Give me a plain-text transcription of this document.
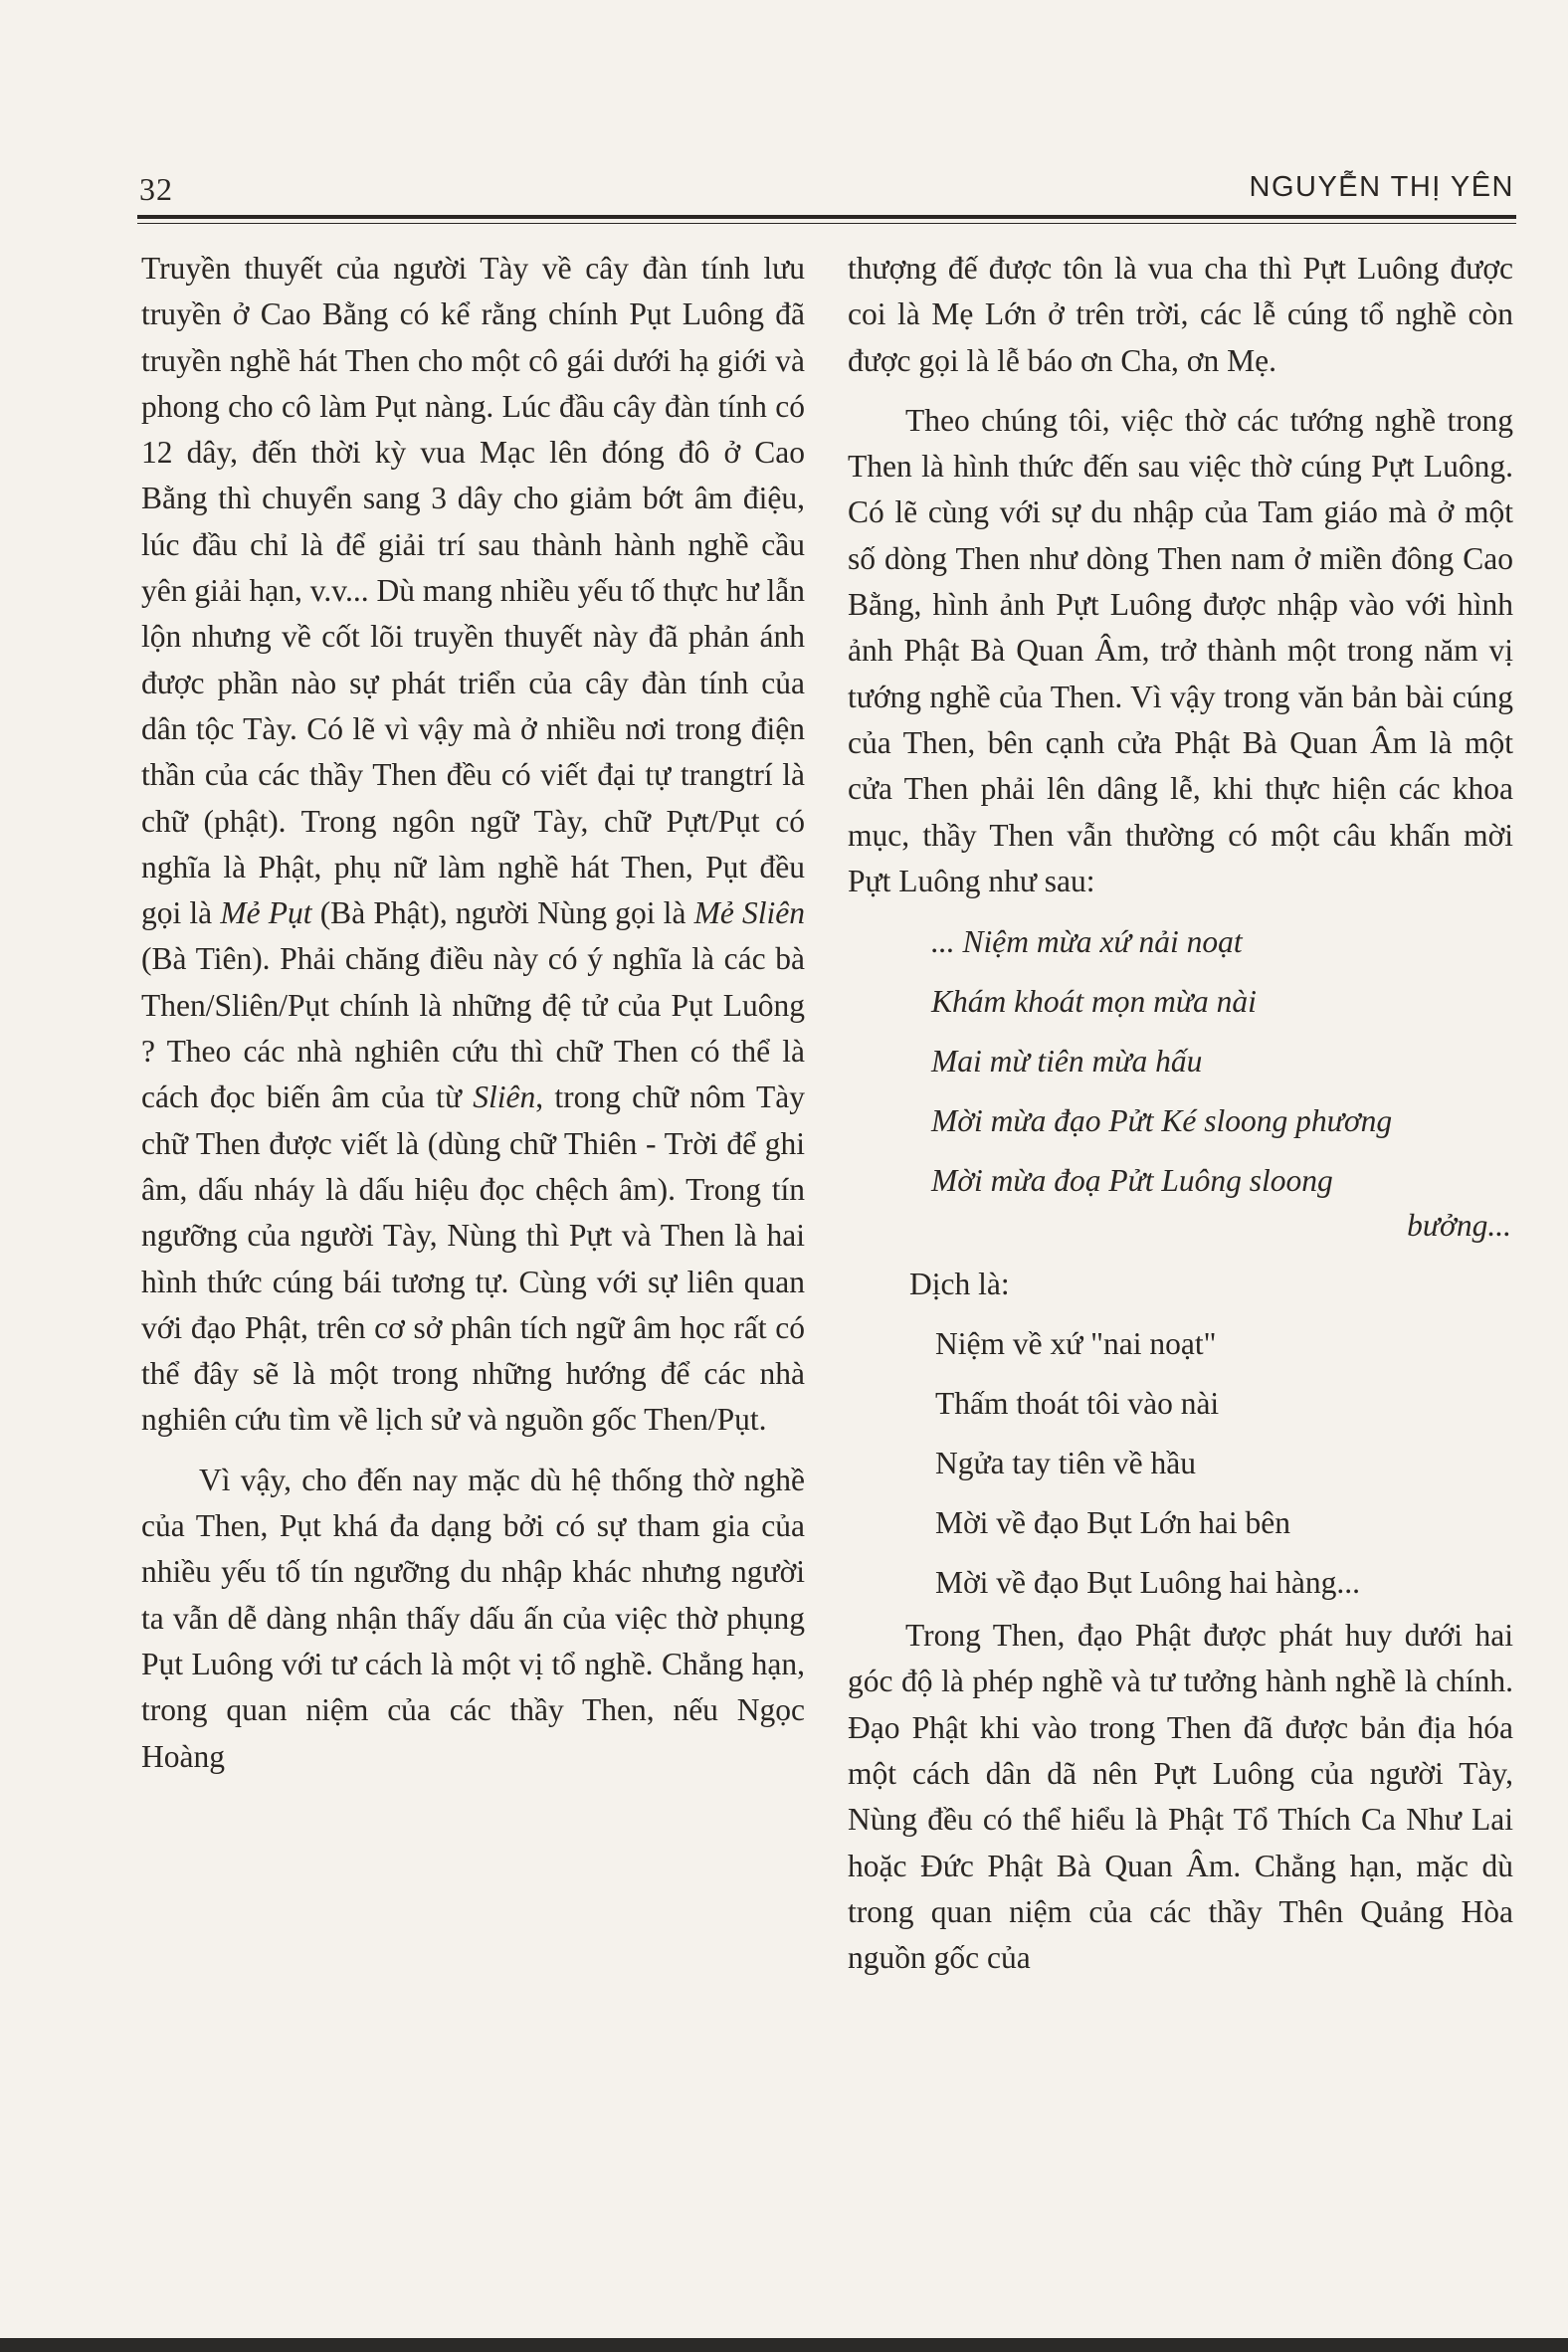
32	NGUYỄN THỊ YÊN

Truyền thuyết của người Tày về cây đàn tính lưu truyền ở Cao Bằng có kể rằng chính Pụt Luông đã truyền nghề hát Then cho một cô gái dưới hạ giới và phong cho cô làm Pụt nàng. Lúc đầu cây đàn tính có 12 dây, đến thời kỳ vua Mạc lên đóng đô ở Cao Bằng thì chuyển sang 3 dây cho giảm bớt âm điệu, lúc đầu chỉ là để giải trí sau thành hành nghề cầu yên giải hạn, v.v... Dù mang nhiều yếu tố thực hư lẫn lộn nhưng về cốt lõi truyền thuyết này đã phản ánh được phần nào sự phát triển của cây đàn tính của dân tộc Tày. Có lẽ vì vậy mà ở nhiều nơi trong điện thần của các thầy Then đều có viết đại tự trangtrí là chữ (phật). Trong ngôn ngữ Tày, chữ Pựt/Pụt có nghĩa là Phật, phụ nữ làm nghề hát Then, Pụt đều gọi là Mẻ Pụt (Bà Phật), người Nùng gọi là Mẻ Sliên (Bà Tiên). Phải chăng điều này có ý nghĩa là các bà Then/Sliên/Pụt chính là những đệ tử của Pụt Luông ? Theo các nhà nghiên cứu thì chữ Then có thể là cách đọc biến âm của từ Sliên, trong chữ nôm Tày chữ Then được viết là (dùng chữ Thiên - Trời để ghi âm, dấu nháy là dấu hiệu đọc chệch âm). Trong tín ngưỡng của người Tày, Nùng thì Pựt và Then là hai hình thức cúng bái tương tự. Cùng với sự liên quan với đạo Phật, trên cơ sở phân tích ngữ âm học rất có thể đây sẽ là một trong những hướng để các nhà nghiên cứu tìm về lịch sử và nguồn gốc Then/Pụt.

Vì vậy, cho đến nay mặc dù hệ thống thờ nghề của Then, Pụt khá đa dạng bởi có sự tham gia của nhiều yếu tố tín ngưỡng du nhập khác nhưng người ta vẫn dễ dàng nhận thấy dấu ấn của việc thờ phụng Pụt Luông với tư cách là một vị tổ nghề. Chẳng hạn, trong quan niệm của các thầy Then, nếu Ngọc Hoàng

thượng đế được tôn là vua cha thì Pựt Luông được coi là Mẹ Lớn ở trên trời, các lễ cúng tổ nghề còn được gọi là lễ báo ơn Cha, ơn Mẹ.

Theo chúng tôi, việc thờ các tướng nghề trong Then là hình thức đến sau việc thờ cúng Pựt Luông. Có lẽ cùng với sự du nhập của Tam giáo mà ở một số dòng Then như dòng Then nam ở miền đông Cao Bằng, hình ảnh Pựt Luông được nhập vào với hình ảnh Phật Bà Quan Âm, trở thành một trong năm vị tướng nghề của Then. Vì vậy trong văn bản bài cúng của Then, bên cạnh cửa Phật Bà Quan Âm là một cửa Then phải lên dâng lễ, khi thực hiện các khoa mục, thầy Then vẫn thường có một câu khấn mời Pựt Luông như sau:

... Niệm mừa xứ nải noạt
Khám khoát mọn mừa nài
Mai mừ tiên mừa hấu
Mời mừa đạo Pửt Ké sloong phương
Mời mừa đoạ Pửt Luông sloong
bưởng...
Dịch là:
Niệm về xứ "nai noạt"
Thấm thoát tôi vào nài
Ngửa tay tiên về hầu
Mời về đạo Bụt Lớn hai bên
Mời về đạo Bụt Luông hai hàng...

Trong Then, đạo Phật được phát huy dưới hai góc độ là phép nghề và tư tưởng hành nghề là chính. Đạo Phật khi vào trong Then đã được bản địa hóa một cách dân dã nên Pựt Luông của người Tày, Nùng đều có thể hiểu là Phật Tổ Thích Ca Như Lai hoặc Đức Phật Bà Quan Âm. Chẳng hạn, mặc dù trong quan niệm của các thầy Thên Quảng Hòa nguồn gốc của
